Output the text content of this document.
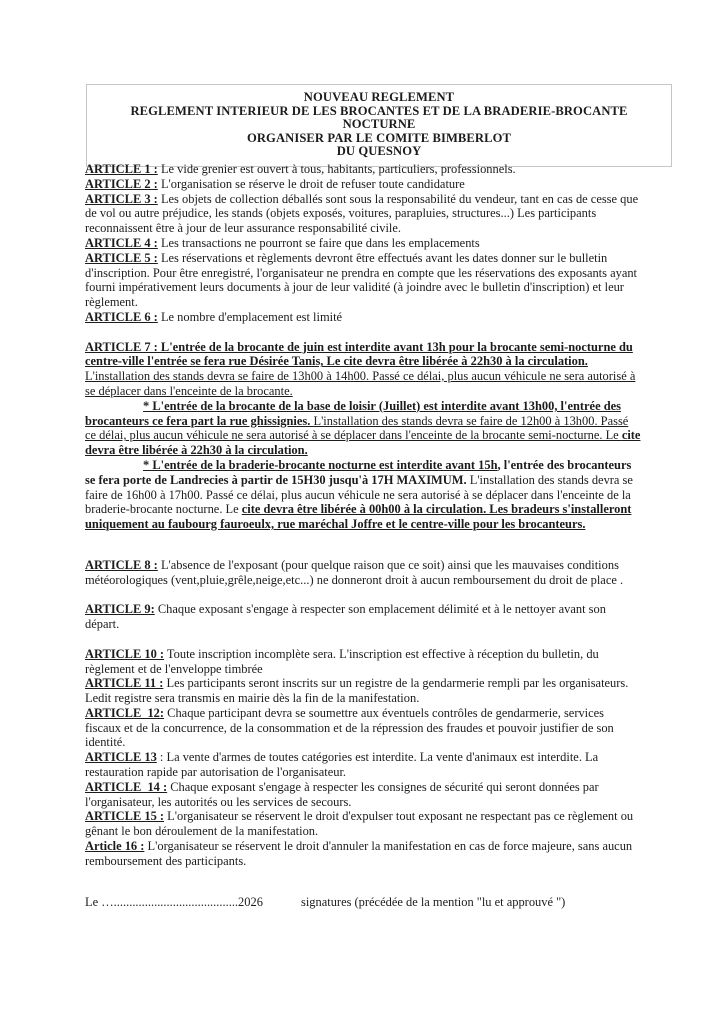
NOUVEAU REGLEMENT
REGLEMENT INTERIEUR DE LES BROCANTES ET DE LA BRADERIE-BROCANTE NOCTURNE
ORGANISER PAR LE COMITE BIMBERLOT
DU QUESNOY

ARTICLE 1 : Le vide grenier est ouvert à tous, habitants, particuliers, professionnels.

ARTICLE 2 : L'organisation se réserve le droit de refuser toute candidature

ARTICLE 3 : Les objets de collection déballés sont sous la responsabilité du vendeur, tant en cas de cesse que de vol ou autre préjudice, les stands (objets exposés, voitures, parapluies, structures...) Les participants reconnaissent être à jour de leur assurance responsabilité civile.

ARTICLE 4 : Les transactions ne pourront se faire que dans les emplacements

ARTICLE 5 : Les réservations et règlements devront être effectués avant les dates donner sur le bulletin d'inscription. Pour être enregistré, l'organisateur ne prendra en compte que les réservations des exposants ayant fourni impérativement leurs documents à jour de leur validité (à joindre avec le bulletin d'inscription) et leur règlement.

ARTICLE 6 : Le nombre d'emplacement est limité

ARTICLE 7 : L'entrée de la brocante de juin est interdite avant 13h pour la brocante semi-nocturne du centre-ville l'entrée se fera rue Désirée Tanis, Le cite devra être libérée à 22h30 à la circulation. L'installation des stands devra se faire de 13h00 à 14h00. Passé ce délai, plus aucun véhicule ne sera autorisé à se déplacer dans l'enceinte de la brocante.

* L'entrée de la brocante de la base de loisir (Juillet) est interdite avant 13h00, l'entrée des brocanteurs ce fera part la rue ghissignies. L'installation des stands devra se faire de 12h00 à 13h00. Passé ce délai, plus aucun véhicule ne sera autorisé à se déplacer dans l'enceinte de la brocante semi-nocturne. Le cite devra être libérée à 22h30 à la circulation.

* L'entrée de la braderie-brocante nocturne est interdite avant 15h, l'entrée des brocanteurs se fera porte de Landrecies à partir de 15H30 jusqu'à 17H MAXIMUM. L'installation des stands devra se faire de 16h00 à 17h00. Passé ce délai, plus aucun véhicule ne sera autorisé à se déplacer dans l'enceinte de la braderie-brocante nocturne. Le cite devra être libérée à 00h00 à la circulation. Les bradeurs s'installeront uniquement au faubourg fauroeulx, rue maréchal Joffre et le centre-ville pour les brocanteurs.

ARTICLE 8 : L'absence de l'exposant (pour quelque raison que ce soit) ainsi que les mauvaises conditions météorologiques (vent,pluie,grêle,neige,etc...) ne donneront droit à aucun remboursement du droit de place .

ARTICLE 9: Chaque exposant s'engage à respecter son emplacement délimité et à le nettoyer avant son départ.

ARTICLE 10 : Toute inscription incomplète sera. L'inscription est effective à réception du bulletin, du règlement et de l'enveloppe timbrée

ARTICLE 11 : Les participants seront inscrits sur un registre de la gendarmerie rempli par les organisateurs. Ledit registre sera transmis en mairie dès la fin de la manifestation.

ARTICLE  12: Chaque participant devra se soumettre aux éventuels contrôles de gendarmerie, services fiscaux et de la concurrence, de la consommation et de la répression des fraudes et pouvoir justifier de son identité.

ARTICLE 13 : La vente d'armes de toutes catégories est interdite. La vente d'animaux est interdite. La restauration rapide par autorisation de l'organisateur.

ARTICLE  14 : Chaque exposant s'engage à respecter les consignes de sécurité qui seront données par l'organisateur, les autorités ou les services de secours.

ARTICLE 15 : L'organisateur se réservent le droit d'expulser tout exposant ne respectant pas ce règlement ou gênant le bon déroulement de la manifestation.

Article 16 : L'organisateur se réservent le droit d'annuler la manifestation en cas de force majeure, sans aucun remboursement des participants.

Le …........................................2026	signatures (précédée de la mention "lu et approuvé ")
